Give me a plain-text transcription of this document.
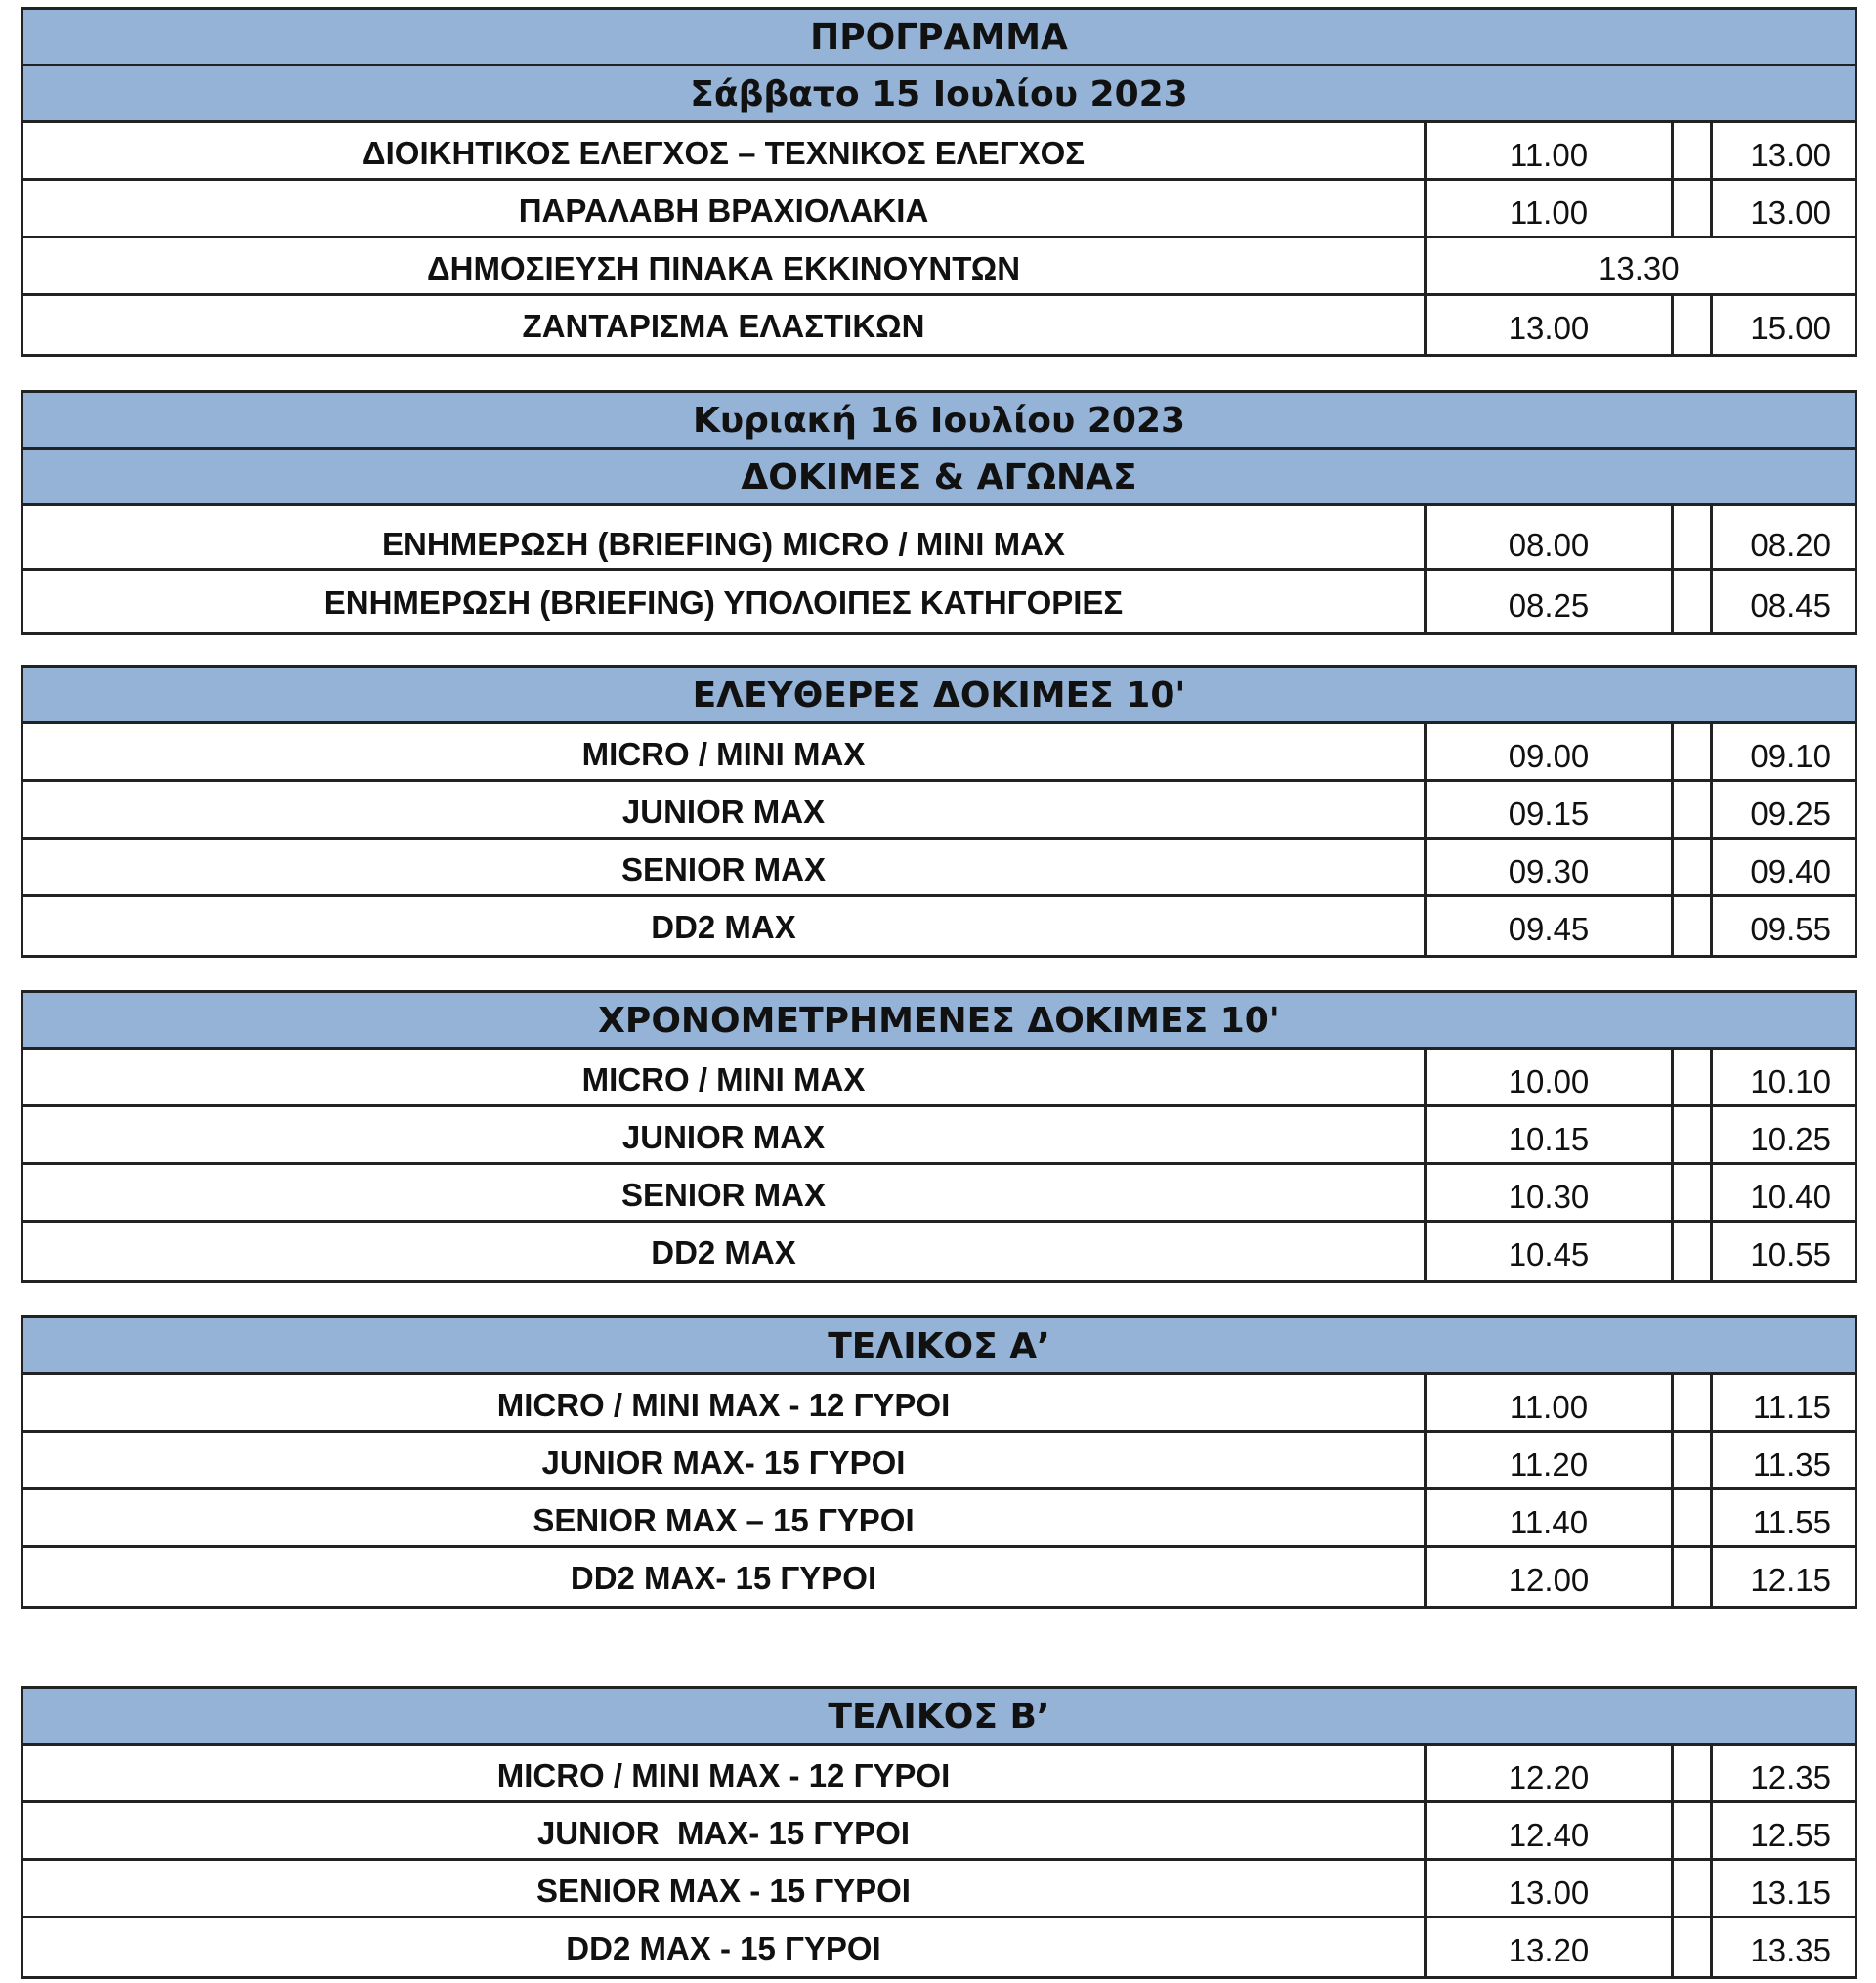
ΠΡΟΓΡΑΜΜΑ
Σάββατο 15 Ιουλίου 2023
ΔΙΟΙΚΗΤΙΚΟΣ ΕΛΕΓΧΟΣ – ΤΕΧΝΙΚΟΣ ΕΛΕΓΧΟΣ	11.00	13.00
ΠΑΡΑΛΑΒΗ ΒΡΑΧΙΟΛΑΚΙΑ	11.00	13.00
ΔΗΜΟΣΙΕΥΣΗ ΠΙΝΑΚΑ ΕΚΚΙΝΟΥΝΤΩΝ	13.30
ΖΑΝΤΑΡΙΣΜΑ ΕΛΑΣΤΙΚΩΝ	13.00	15.00
Κυριακή 16 Ιουλίου 2023
ΔΟΚΙΜΕΣ & ΑΓΩΝΑΣ
ΕΝΗΜΕΡΩΣΗ (BRIEFING) MICRO / MINI MAX	08.00	08.20
ΕΝΗΜΕΡΩΣΗ (BRIEFING) ΥΠΟΛΟΙΠΕΣ ΚΑΤΗΓΟΡΙΕΣ	08.25	08.45
ΕΛΕΥΘΕΡΕΣ ΔΟΚΙΜΕΣ 10'
MICRO / MINI MAX	09.00	09.10
JUNIOR MAX	09.15	09.25
SENIOR MAX	09.30	09.40
DD2 MAX	09.45	09.55
ΧΡΟΝΟΜΕΤΡΗΜΕΝΕΣ ΔΟΚΙΜΕΣ 10'
MICRO / MINI MAX	10.00	10.10
JUNIOR MAX	10.15	10.25
SENIOR MAX	10.30	10.40
DD2 MAX	10.45	10.55
ΤΕΛΙΚΟΣ Α’
MICRO / MINI MAX - 12 ΓΥΡΟΙ	11.00	11.15
JUNIOR MAX- 15 ΓΥΡΟΙ	11.20	11.35
SENIOR MAX – 15 ΓΥΡΟΙ	11.40	11.55
DD2 MAX- 15 ΓΥΡΟΙ	12.00	12.15
ΤΕΛΙΚΟΣ Β’
MICRO / MINI MAX - 12 ΓΥΡΟΙ	12.20	12.35
JUNIOR  MAX- 15 ΓΥΡΟΙ	12.40	12.55
SENIOR MAX - 15 ΓΥΡΟΙ	13.00	13.15
DD2 MAX - 15 ΓΥΡΟΙ	13.20	13.35
